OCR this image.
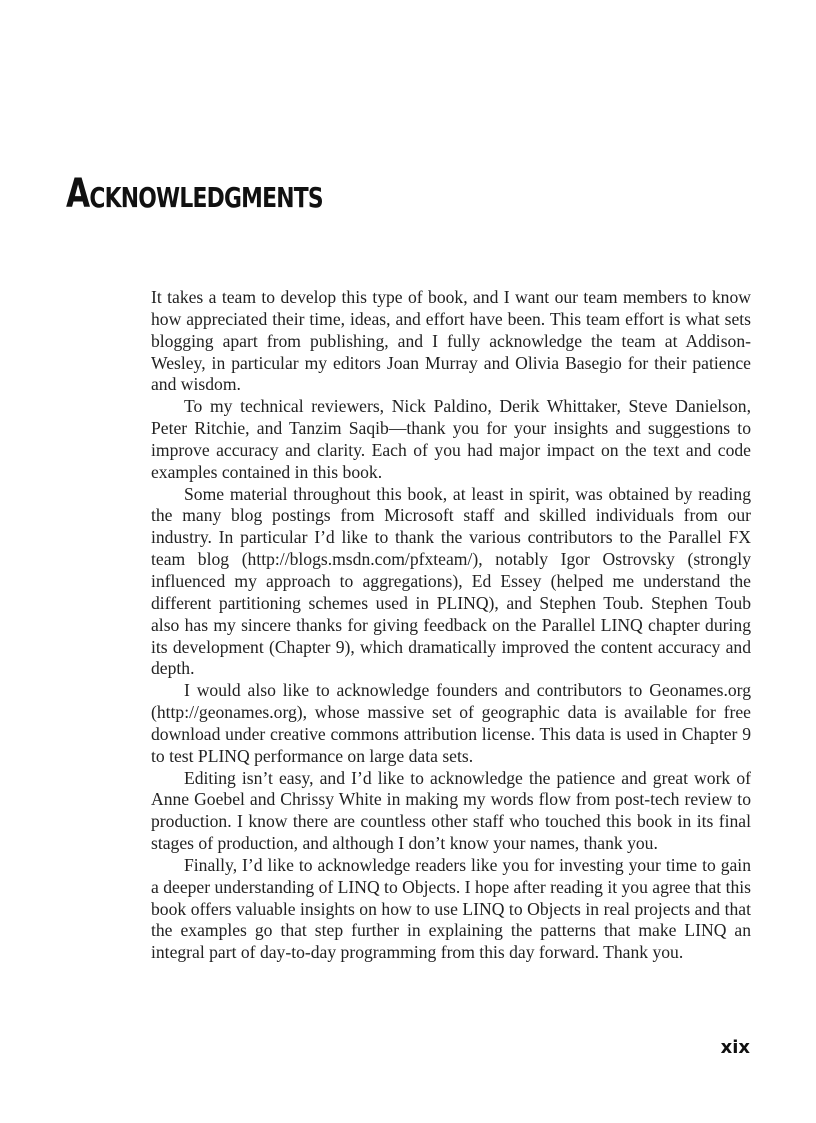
Acknowledgments

It takes a team to develop this type of book, and I want our team members to know how appreciated their time, ideas, and effort have been. This team effort is what sets blogging apart from publishing, and I fully acknowledge the team at Addison-Wesley, in particular my editors Joan Murray and Olivia Basegio for their patience and wisdom.

To my technical reviewers, Nick Paldino, Derik Whittaker, Steve Danielson, Peter Ritchie, and Tanzim Saqib—thank you for your insights and suggestions to improve accuracy and clarity. Each of you had major impact on the text and code examples contained in this book.

Some material throughout this book, at least in spirit, was obtained by reading the many blog postings from Microsoft staff and skilled individuals from our industry. In particular I’d like to thank the various contributors to the Parallel FX team blog (http://blogs.msdn.com/pfxteam/), notably Igor Ostrovsky (strongly influenced my approach to aggregations), Ed Essey (helped me understand the different partitioning schemes used in PLINQ), and Stephen Toub. Stephen Toub also has my sincere thanks for giving feedback on the Parallel LINQ chapter during its development (Chapter 9), which dramatically improved the content accuracy and depth.

I would also like to acknowledge founders and contributors to Geonames.org (http://geonames.org), whose massive set of geographic data is available for free download under creative commons attribution license. This data is used in Chapter 9 to test PLINQ performance on large data sets.

Editing isn’t easy, and I’d like to acknowledge the patience and great work of Anne Goebel and Chrissy White in making my words flow from post-tech review to production. I know there are countless other staff who touched this book in its final stages of production, and although I don’t know your names, thank you.

Finally, I’d like to acknowledge readers like you for investing your time to gain a deeper understanding of LINQ to Objects. I hope after reading it you agree that this book offers valuable insights on how to use LINQ to Objects in real projects and that the examples go that step further in explaining the patterns that make LINQ an integral part of day-to-day programming from this day forward. Thank you.

xix
